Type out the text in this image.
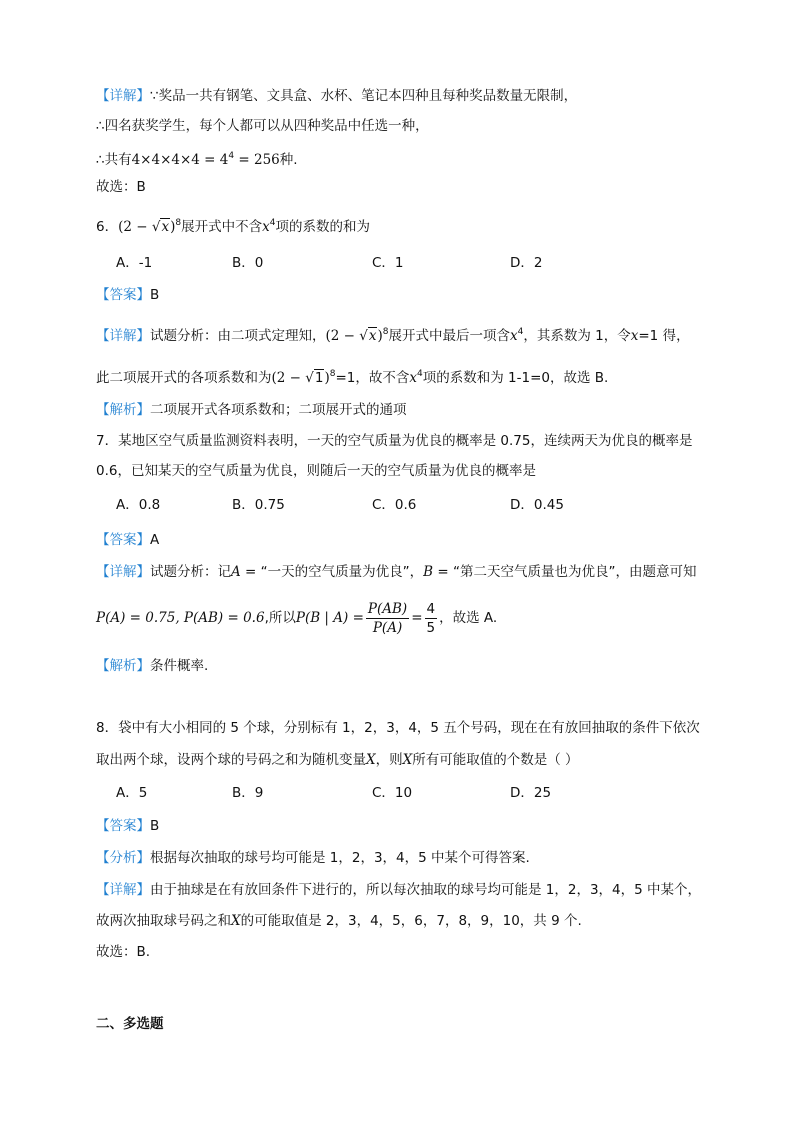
【详解】∵奖品一共有钢笔、文具盒、水杯、笔记本四种且每种奖品数量无限制，
∴四名获奖学生，每个人都可以从四种奖品中任选一种，
∴共有$4\times 4\times 4\times 4 = 4^4 = 256$种.
故选：B
6．$(2 - √x)^8$展开式中不含$x^4$项的系数的和为
A．-1	B．0	C．1	D．2
【答案】B
【详解】试题分析：由二项式定理知，$(2 - √x)^8$展开式中最后一项含$x^4$，其系数为 1，令x=1 得，
此二项展开式的各项系数和为$(2 - √1)^8=1$，故不含$x^4$项的系数和为 1-1=0，故选 B.
【解析】二项展开式各项系数和；二项展开式的通项
7．某地区空气质量监测资料表明，一天的空气质量为优良的概率是 0.75，连续两天为优良的概率是
0.6，已知某天的空气质量为优良，则随后一天的空气质量为优良的概率是
A．0.8	B．0.75	C．0.6	D．0.45
【答案】A
【详解】试题分析：记A = “一天的空气质量为优良”，B = “第二天空气质量也为优良”，由题意可知
P(A) = 0.75, P(AB) = 0.6,所以P(B | $A) = \frac{P(AB)}{P(A)} = \frac{4}{5}$ ，故选 A.
【解析】条件概率.
8．袋中有大小相同的 5 个球，分别标有 1，2，3，4，5 五个号码，现在在有放回抽取的条件下依次
取出两个球，设两个球的号码之和为随机变量X，则X所有可能取值的个数是（ ）
A．5	B．9	C．10	D．25
【答案】B
【分析】根据每次抽取的球号均可能是 1，2，3，4，5 中某个可得答案.
【详解】由于抽球是在有放回条件下进行的，所以每次抽取的球号均可能是 1，2，3，4，5 中某个，
故两次抽取球号码之和X的可能取值是 2，3，4，5，6，7，8，9，10，共 9 个.
故选：B.
二、多选题
